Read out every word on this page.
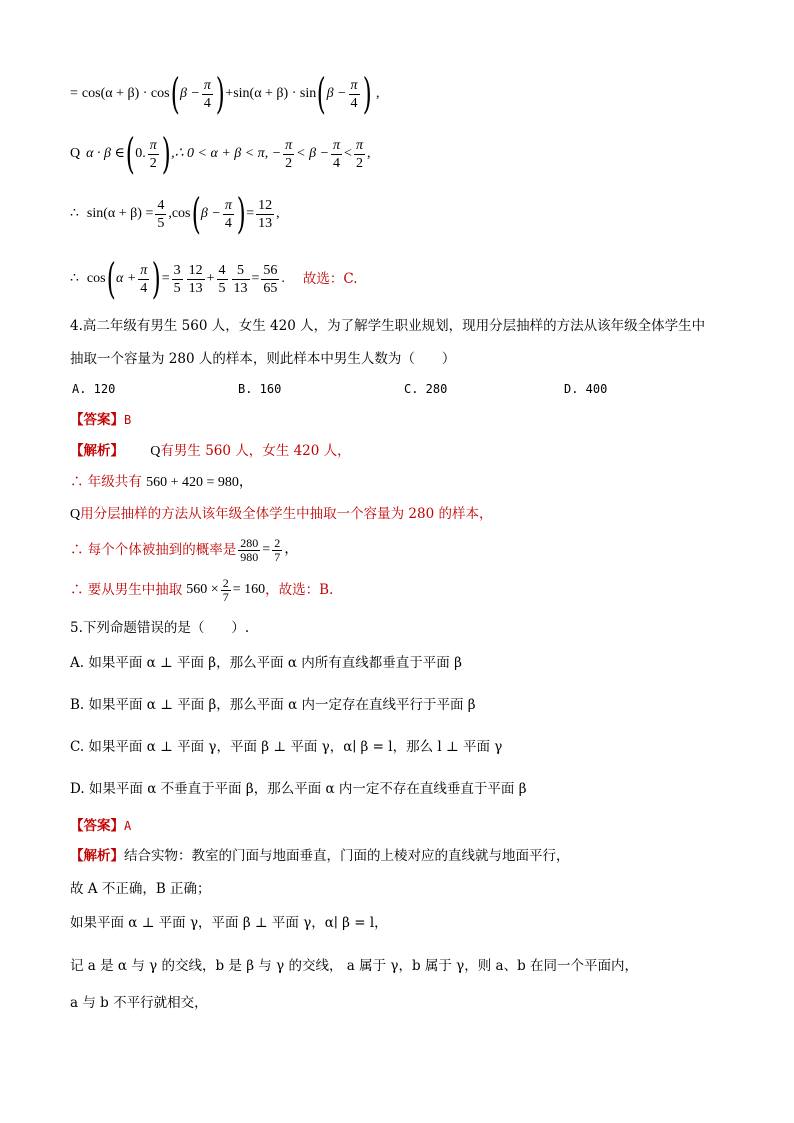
= cos(α + β) · cos ( $\beta - \frac{\pi}{4}$ ) + sin(α + β) · sin ( $\beta - \frac{\pi}{4}$ ) ,
Q α · β ∈ ( 0.
π
2 ) ,∴ 0 < α + β < π, − $\frac{\pi}{2} < \beta - \frac{\pi}{4}$ <
π
2
,
∴ $\sin(\alpha + \beta) = \frac{4}{5} ,\cos$ ( $\beta - \frac{\pi}{4}$ ) = $\frac{12}{13}$ ,
∴ cos ( $\alpha + \frac{\pi}{4}$ ) = $\frac{3}{5} 12$
13
+ $\frac{4}{5} \frac{5}{13} = \frac{56}{65}$ . 故选：C.
4.高二年级有男生 560 人，女生 420 人，为了解学生职业规划，现用分层抽样的方法从该年级全体学生中
抽取一个容量为 280 人的样本，则此样本中男生人数为（　　）
A. 120	B. 160	C. 280	D. 400
【答案】B
【解析】 Q有男生 560 人，女生 420 人，
∴ 年级共有 560 + 420 = 980，
Q用分层抽样的方法从该年级全体学生中抽取一个容量为 280 的样本，
∴ 每个个体被抽到的概率是 $\frac{280}{980} = \frac{2}{7}$ ，
∴ 要从男生中抽取 $560 \times \frac{2}{7} = 160$ ，故选：B.
5.下列命题错误的是（　　）.
A. 如果平面 α ⊥ 平面 β，那么平面 α 内所有直线都垂直于平面 β
B. 如果平面 α ⊥ 平面 β，那么平面 α 内一定存在直线平行于平面 β
C. 如果平面 α ⊥ 平面 γ，平面 β ⊥ 平面 γ，α∣ β = l，那么 l ⊥ 平面 γ
D. 如果平面 α 不垂直于平面 β，那么平面 α 内一定不存在直线垂直于平面 β
【答案】A
【解析】结合实物：教室的门面与地面垂直，门面的上棱对应的直线就与地面平行，
故 A 不正确，B 正确；
如果平面 α ⊥ 平面 γ，平面 β ⊥ 平面 γ，α∣ β = l，
记 a 是 α 与 γ 的交线，b 是 β 与 γ 的交线， a 属于 γ，b 属于 γ，则 a、b 在同一个平面内，
a 与 b 不平行就相交，
